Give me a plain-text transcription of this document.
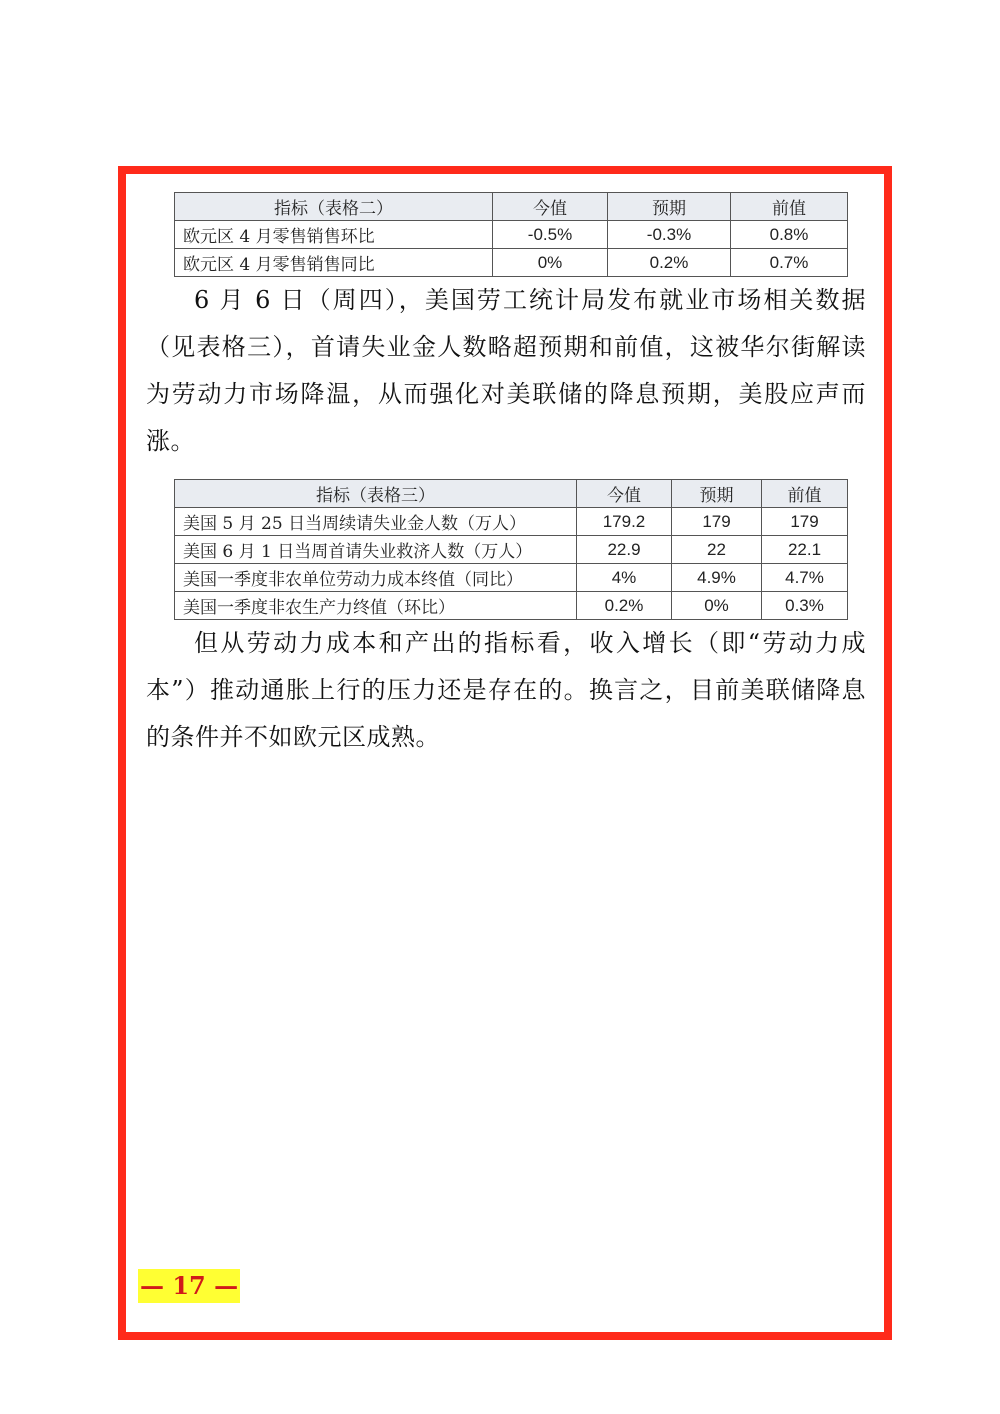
指标（表格二）	今值	预期	前值
欧元区 4 月零售销售环比	-0.5%	-0.3%	0.8%
欧元区 4 月零售销售同比	0%	0.2%	0.7%

6 月 6 日（周四），美国劳工统计局发布就业市场相关数据（见表格三），首请失业金人数略超预期和前值，这被华尔街解读为劳动力市场降温，从而强化对美联储的降息预期，美股应声而涨。

指标（表格三）	今值	预期	前值
美国 5 月 25 日当周续请失业金人数（万人）	179.2	179	179
美国 6 月 1 日当周首请失业救济人数（万人）	22.9	22	22.1
美国一季度非农单位劳动力成本终值（同比）	4%	4.9%	4.7%
美国一季度非农生产力终值（环比）	0.2%	0%	0.3%

但从劳动力成本和产出的指标看，收入增长（即“劳动力成本”）推动通胀上行的压力还是存在的。换言之，目前美联储降息的条件并不如欧元区成熟。

— 17 —
